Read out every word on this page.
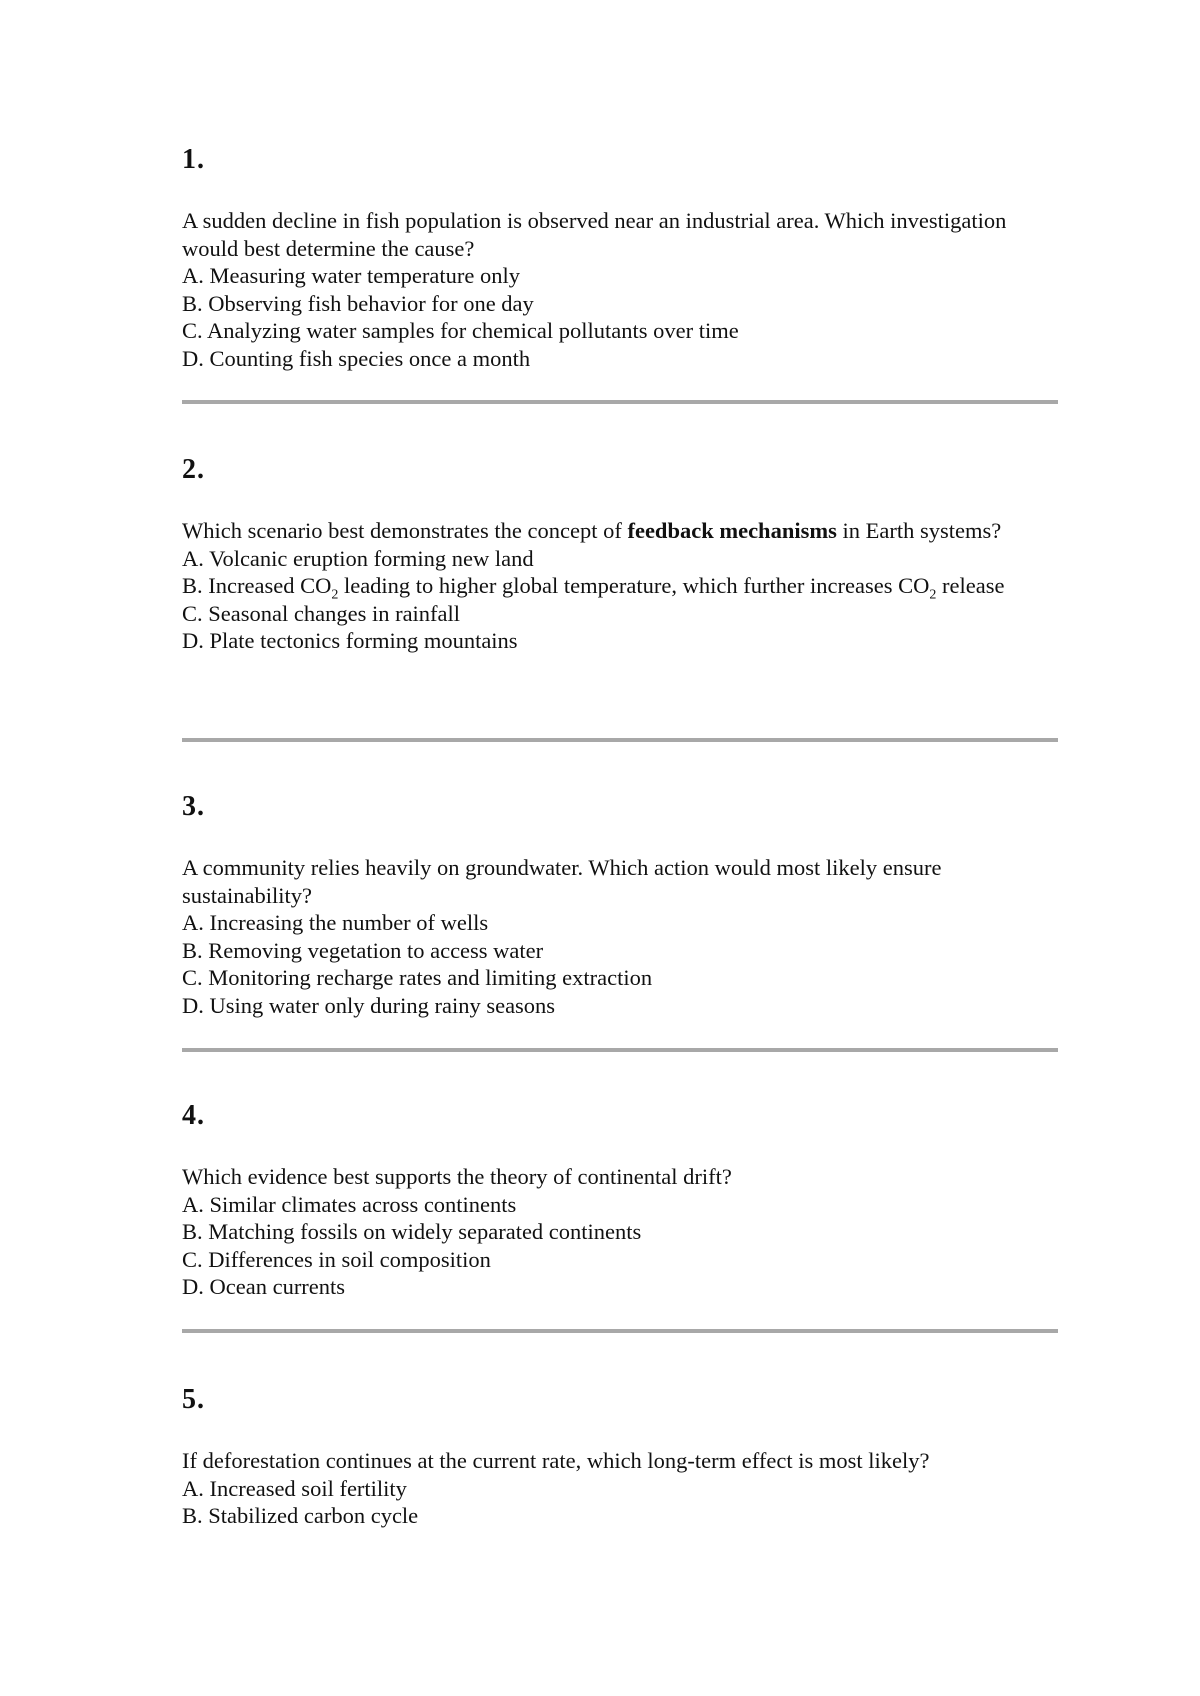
1.

A sudden decline in fish population is observed near an industrial area. Which investigation would best determine the cause?

A. Measuring water temperature only

B. Observing fish behavior for one day

C. Analyzing water samples for chemical pollutants over time

D. Counting fish species once a month

2.

Which scenario best demonstrates the concept of feedback mechanisms in Earth systems?

A. Volcanic eruption forming new land

B. Increased $CO_2$ leading to higher global temperature, which further increases $CO_2$ release

C. Seasonal changes in rainfall

D. Plate tectonics forming mountains

3.

A community relies heavily on groundwater. Which action would most likely ensure sustainability?

A. Increasing the number of wells

B. Removing vegetation to access water

C. Monitoring recharge rates and limiting extraction

D. Using water only during rainy seasons

4.

Which evidence best supports the theory of continental drift?

A. Similar climates across continents

B. Matching fossils on widely separated continents

C. Differences in soil composition

D. Ocean currents

5.

If deforestation continues at the current rate, which long-term effect is most likely?

A. Increased soil fertility

B. Stabilized carbon cycle
